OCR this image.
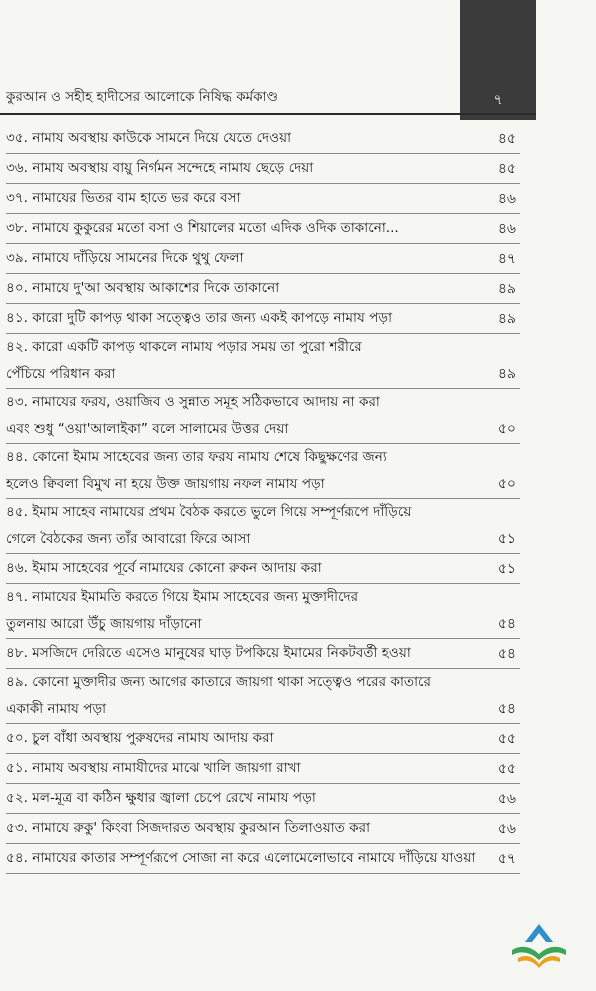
৭
কুরআন ও সহীহ হাদীসের আলোকে নিষিদ্ধ কর্মকাণ্ড
৩৫. নামায অবস্থায় কাউকে সামনে দিয়ে যেতে দেওয়া	৪৫
৩৬. নামায অবস্থায় বায়ু নির্গমন সন্দেহে নামায ছেড়ে দেয়া	৪৫
৩৭. নামাযের ভিতর বাম হাতে ভর করে বসা	৪৬
৩৮. নামাযে কুকুরের মতো বসা ও শিয়ালের মতো এদিক ওদিক তাকানো...	৪৬
৩৯. নামাযে দাঁড়িয়ে সামনের দিকে থুথু ফেলা	৪৭
৪০. নামাযে দু'আ অবস্থায় আকাশের দিকে তাকানো	৪৯
৪১. কারো দুটি কাপড় থাকা সত্ত্বেও তার জন্য একই কাপড়ে নামায পড়া	৪৯
৪২. কারো একটি কাপড় থাকলে নামায পড়ার সময় তা পুরো শরীরে
পেঁচিয়ে পরিধান করা	৪৯
৪৩. নামাযের ফরয, ওয়াজিব ও সুন্নাত সমূহ সঠিকভাবে আদায় না করা
এবং শুধু “ওয়া'আলাইকা” বলে সালামের উত্তর দেয়া	৫০
৪৪. কোনো ইমাম সাহেবের জন্য তার ফরয নামায শেষে কিছুক্ষণের জন্য
হলেও ক্বিবলা বিমুখ না হয়ে উক্ত জায়গায় নফল নামায পড়া	৫০
৪৫. ইমাম সাহেব নামাযের প্রথম বৈঠক করতে ভুলে গিয়ে সম্পূর্ণরূপে দাঁড়িয়ে
গেলে বৈঠকের জন্য তাঁর আবারো ফিরে আসা	৫১
৪৬. ইমাম সাহেবের পূর্বে নামাযের কোনো রুকন আদায় করা	৫১
৪৭. নামাযের ইমামতি করতে গিয়ে ইমাম সাহেবের জন্য মুক্তাদীদের
তুলনায় আরো উঁচু জায়গায় দাঁড়ানো	৫৪
৪৮. মসজিদে দেরিতে এসেও মানুষের ঘাড় টপকিয়ে ইমামের নিকটবর্তী হওয়া	৫৪
৪৯. কোনো মুক্তাদীর জন্য আগের কাতারে জায়গা থাকা সত্ত্বেও পরের কাতারে
একাকী নামায পড়া	৫৪
৫০. চুল বাঁধা অবস্থায় পুরুষদের নামায আদায় করা	৫৫
৫১. নামায অবস্থায় নামাযীদের মাঝে খালি জায়গা রাখা	৫৫
৫২. মল-মূত্র বা কঠিন ক্ষুধার জ্বালা চেপে রেখে নামায পড়া	৫৬
৫৩. নামাযে রুকু' কিংবা সিজদারত অবস্থায় কুরআন তিলাওয়াত করা	৫৬
৫৪. নামাযের কাতার সম্পূর্ণরূপে সোজা না করে এলোমেলোভাবে নামাযে দাঁড়িয়ে যাওয়া	৫৭
